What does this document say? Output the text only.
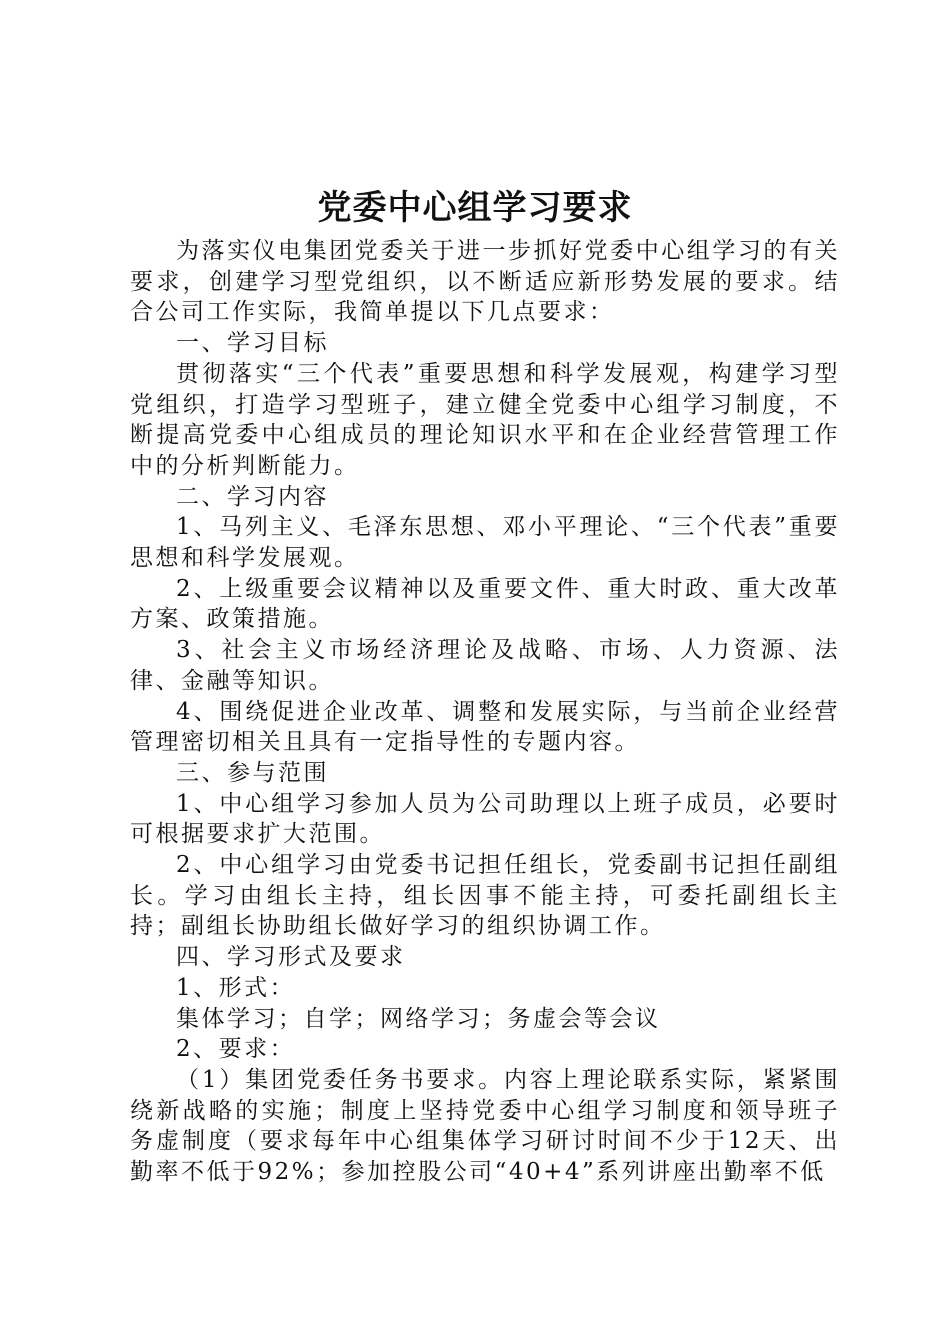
党委中心组学习要求

为落实仪电集团党委关于进一步抓好党委中心组学习的有关要求，创建学习型党组织，以不断适应新形势发展的要求。结合公司工作实际，我简单提以下几点要求：

一、学习目标

贯彻落实“三个代表”重要思想和科学发展观，构建学习型党组织，打造学习型班子，建立健全党委中心组学习制度，不断提高党委中心组成员的理论知识水平和在企业经营管理工作中的分析判断能力。

二、学习内容

1、马列主义、毛泽东思想、邓小平理论、“三个代表”重要思想和科学发展观。

2、上级重要会议精神以及重要文件、重大时政、重大改革方案、政策措施。

3、社会主义市场经济理论及战略、市场、人力资源、法律、金融等知识。

4、围绕促进企业改革、调整和发展实际，与当前企业经营管理密切相关且具有一定指导性的专题内容。

三、参与范围

1、中心组学习参加人员为公司助理以上班子成员，必要时可根据要求扩大范围。

2、中心组学习由党委书记担任组长，党委副书记担任副组长。学习由组长主持，组长因事不能主持，可委托副组长主持；副组长协助组长做好学习的组织协调工作。

四、学习形式及要求

1、形式：

集体学习；自学；网络学习；务虚会等会议

2、要求：

（1）集团党委任务书要求。内容上理论联系实际，紧紧围绕新战略的实施；制度上坚持党委中心组学习制度和领导班子务虚制度（要求每年中心组集体学习研讨时间不少于12天、出勤率不低于92%；参加控股公司“40+4”系列讲座出勤率不低
